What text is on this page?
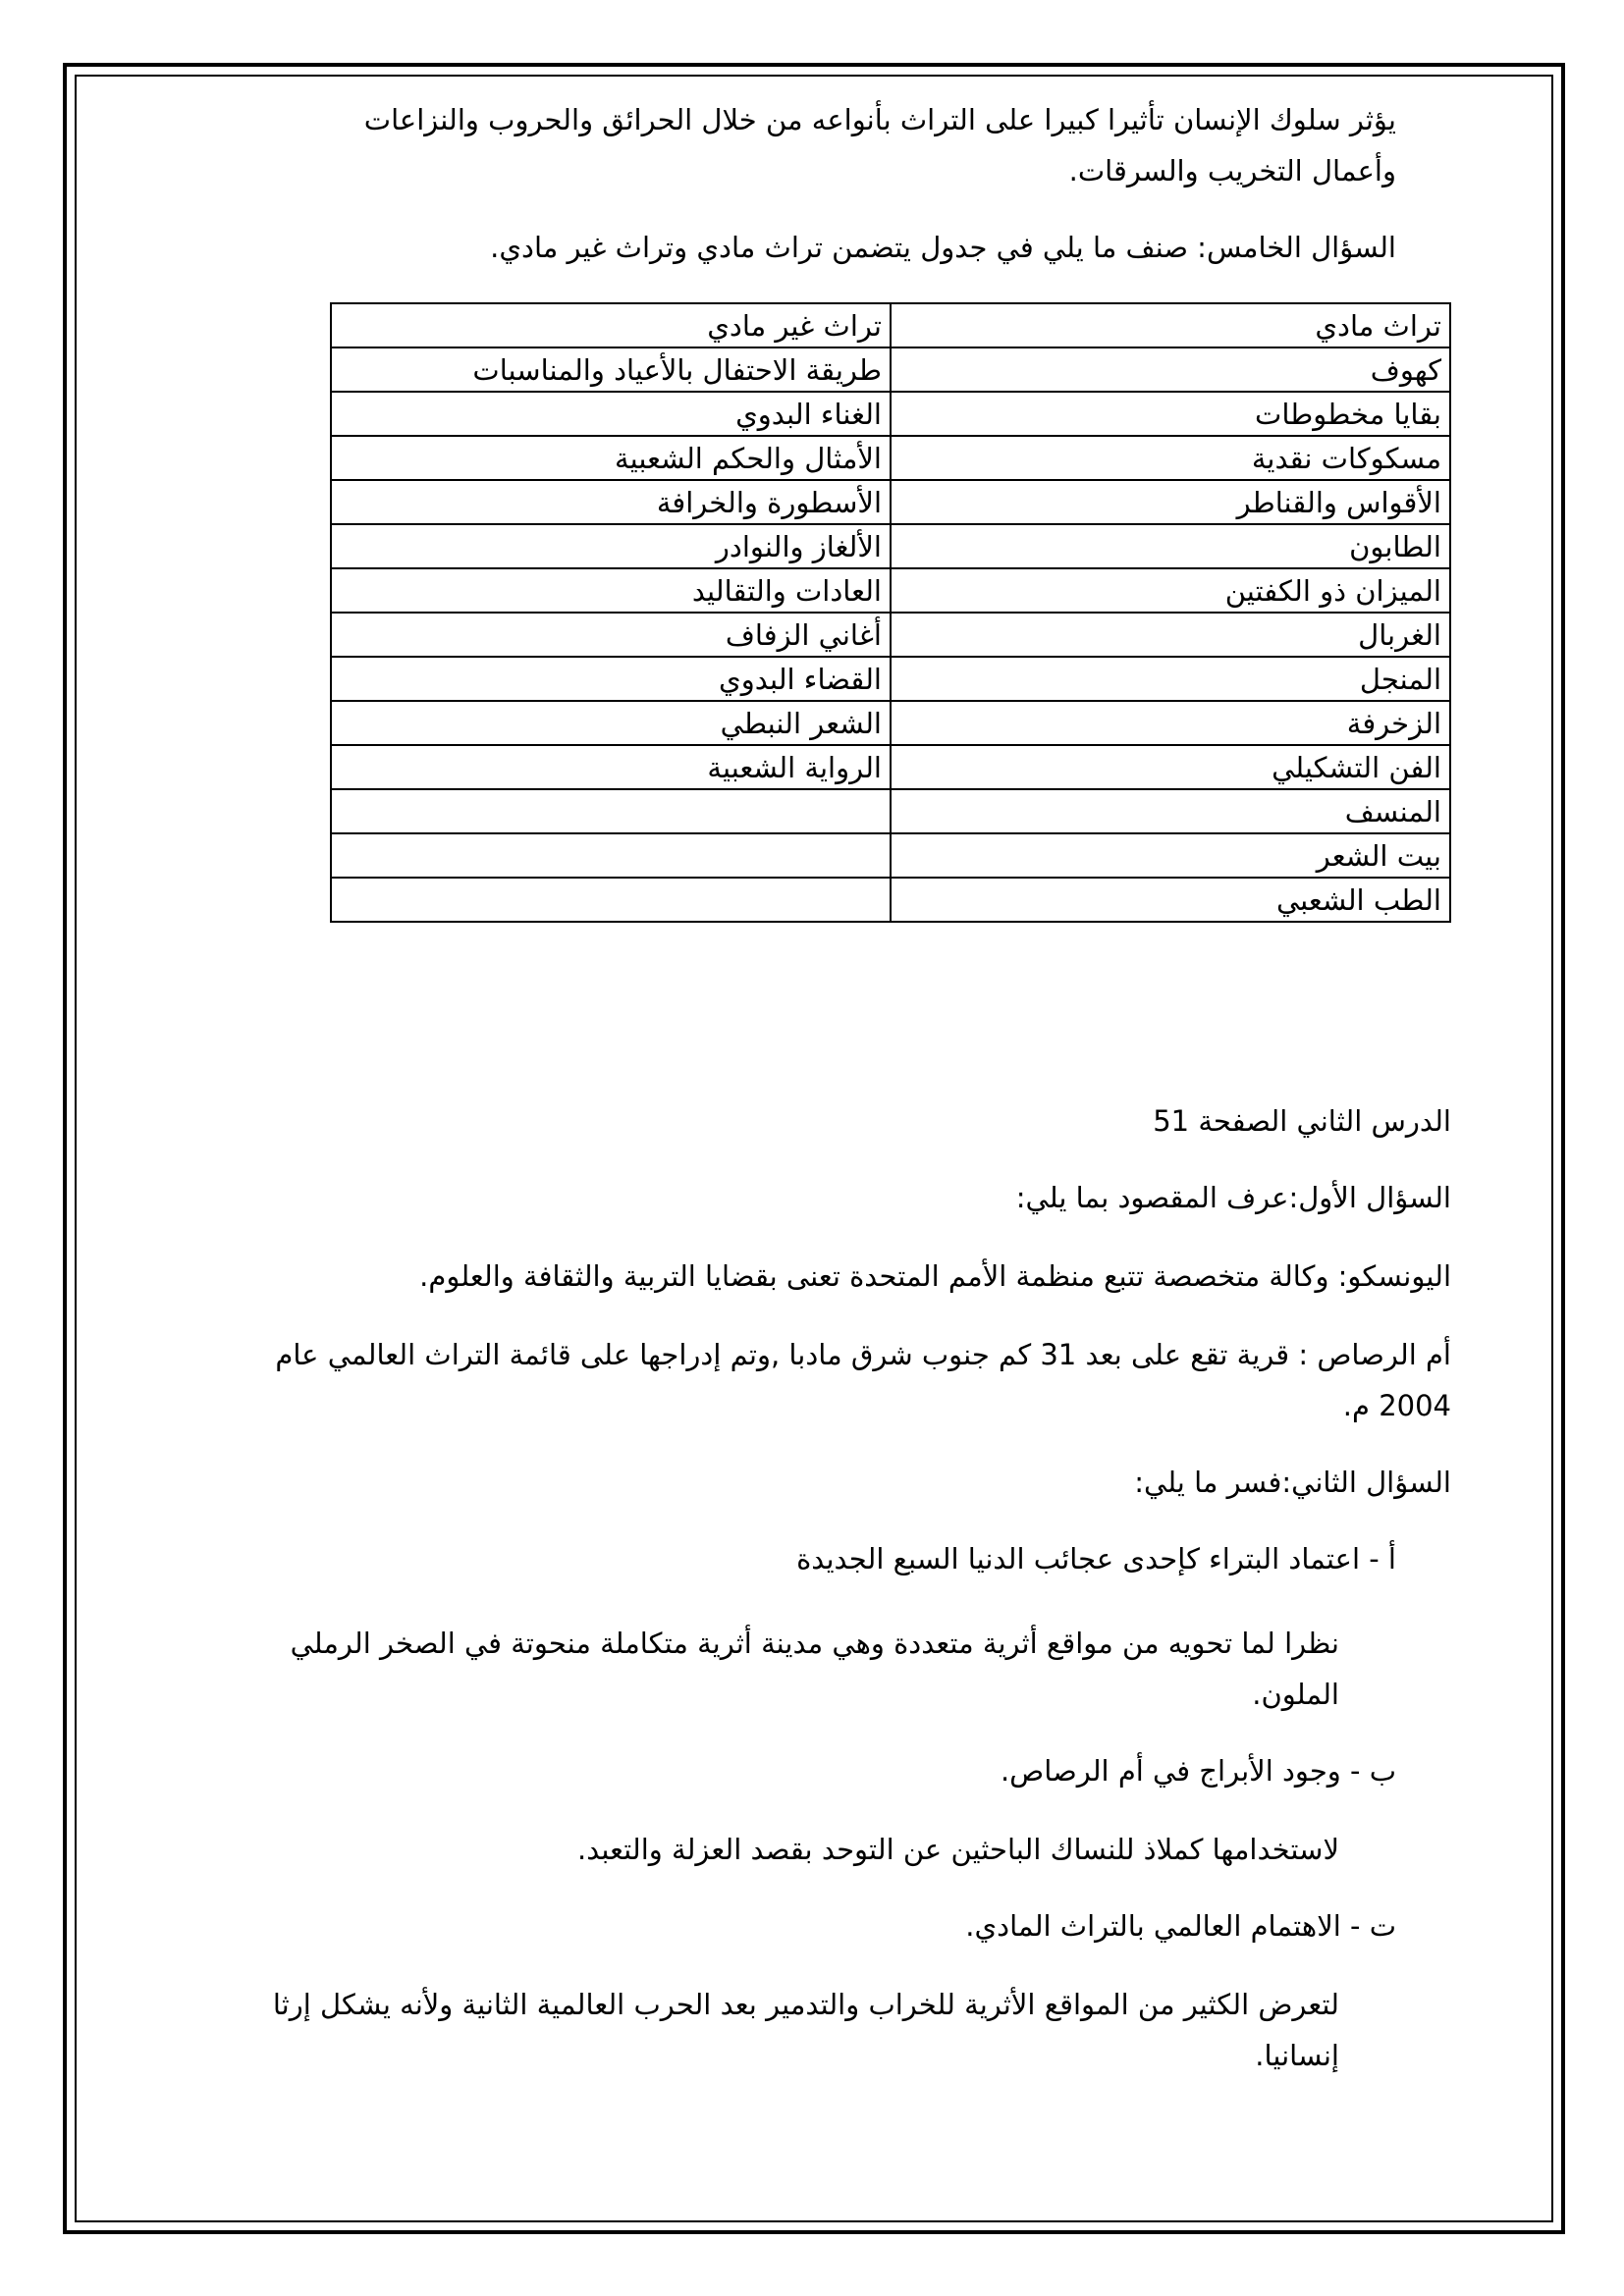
يؤثر سلوك الإنسان تأثيرا كبيرا على التراث بأنواعه من خلال الحرائق والحروب والنزاعات
وأعمال التخريب والسرقات.
السؤال الخامس: صنف ما يلي في جدول يتضمن تراث مادي وتراث غير مادي.
تراث مادي	تراث غير مادي
كهوف	طريقة الاحتفال بالأعياد والمناسبات
بقايا مخطوطات	الغناء البدوي
مسكوكات نقدية	الأمثال والحكم الشعبية
الأقواس والقناطر	الأسطورة والخرافة
الطابون	الألغاز والنوادر
الميزان ذو الكفتين	العادات والتقاليد
الغربال	أغاني الزفاف
المنجل	القضاء البدوي
الزخرفة	الشعر النبطي
الفن التشكيلي	الرواية الشعبية
المنسف	
بيت الشعر	
الطب الشعبي	
الدرس الثاني الصفحة 51
السؤال الأول:عرف المقصود بما يلي:
اليونسكو: وكالة متخصصة تتبع منظمة الأمم المتحدة تعنى بقضايا التربية والثقافة والعلوم.
أم الرصاص : قرية تقع على بعد 31 كم جنوب شرق مادبا ,وتم إدراجها على قائمة التراث العالمي عام
2004 م.
السؤال الثاني:فسر ما يلي:
أ - اعتماد البتراء كإحدى عجائب الدنيا السبع الجديدة
نظرا لما تحويه من مواقع أثرية متعددة وهي مدينة أثرية متكاملة منحوتة في الصخر الرملي
الملون.
ب - وجود الأبراج في أم الرصاص.
لاستخدامها كملاذ للنساك الباحثين عن التوحد بقصد العزلة والتعبد.
ت - الاهتمام العالمي بالتراث المادي.
لتعرض الكثير من المواقع الأثرية للخراب والتدمير بعد الحرب العالمية الثانية ولأنه يشكل إرثا
إنسانيا.
